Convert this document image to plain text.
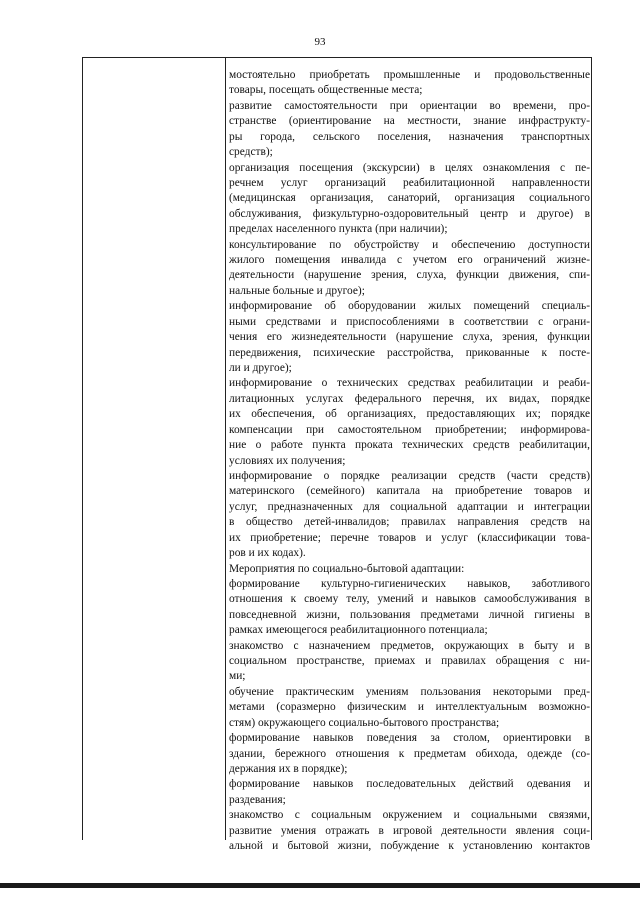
93
мостоятельно приобретать промышленные и продовольственные
товары, посещать общественные места;
развитие самостоятельности при ориентации во времени, про-
странстве (ориентирование на местности, знание инфраструкту-
ры города, сельского поселения, назначения транспортных
средств);
организация посещения (экскурсии) в целях ознакомления с пе-
речнем услуг организаций реабилитационной направленности
(медицинская организация, санаторий, организация социального
обслуживания, физкультурно-оздоровительный центр и другое) в
пределах населенного пункта (при наличии);
консультирование по обустройству и обеспечению доступности
жилого помещения инвалида с учетом его ограничений жизне-
деятельности (нарушение зрения, слуха, функции движения, спи-
нальные больные и другое);
информирование об оборудовании жилых помещений специаль-
ными средствами и приспособлениями в соответствии с ограни-
чения его жизнедеятельности (нарушение слуха, зрения, функции
передвижения, психические расстройства, прикованные к посте-
ли и другое);
информирование о технических средствах реабилитации и реаби-
литационных услугах федерального перечня, их видах, порядке
их обеспечения, об организациях, предоставляющих их; порядке
компенсации при самостоятельном приобретении; информирова-
ние о работе пункта проката технических средств реабилитации,
условиях их получения;
информирование о порядке реализации средств (части средств)
материнского (семейного) капитала на приобретение товаров и
услуг, предназначенных для социальной адаптации и интеграции
в общество детей-инвалидов; правилах направления средств на
их приобретение; перечне товаров и услуг (классификации това-
ров и их кодах).
Мероприятия по социально-бытовой адаптации:
формирование культурно-гигиенических навыков, заботливого
отношения к своему телу, умений и навыков самообслуживания в
повседневной жизни, пользования предметами личной гигиены в
рамках имеющегося реабилитационного потенциала;
знакомство с назначением предметов, окружающих в быту и в
социальном пространстве, приемах и правилах обращения с ни-
ми;
обучение практическим умениям пользования некоторыми пред-
метами (соразмерно физическим и интеллектуальным возможно-
стям) окружающего социально-бытового пространства;
формирование навыков поведения за столом, ориентировки в
здании, бережного отношения к предметам обихода, одежде (со-
держания их в порядке);
формирование навыков последовательных действий одевания и
раздевания;
знакомство с социальным окружением и социальными связями,
развитие умения отражать в игровой деятельности явления соци-
альной и бытовой жизни, побуждение к установлению контактов
